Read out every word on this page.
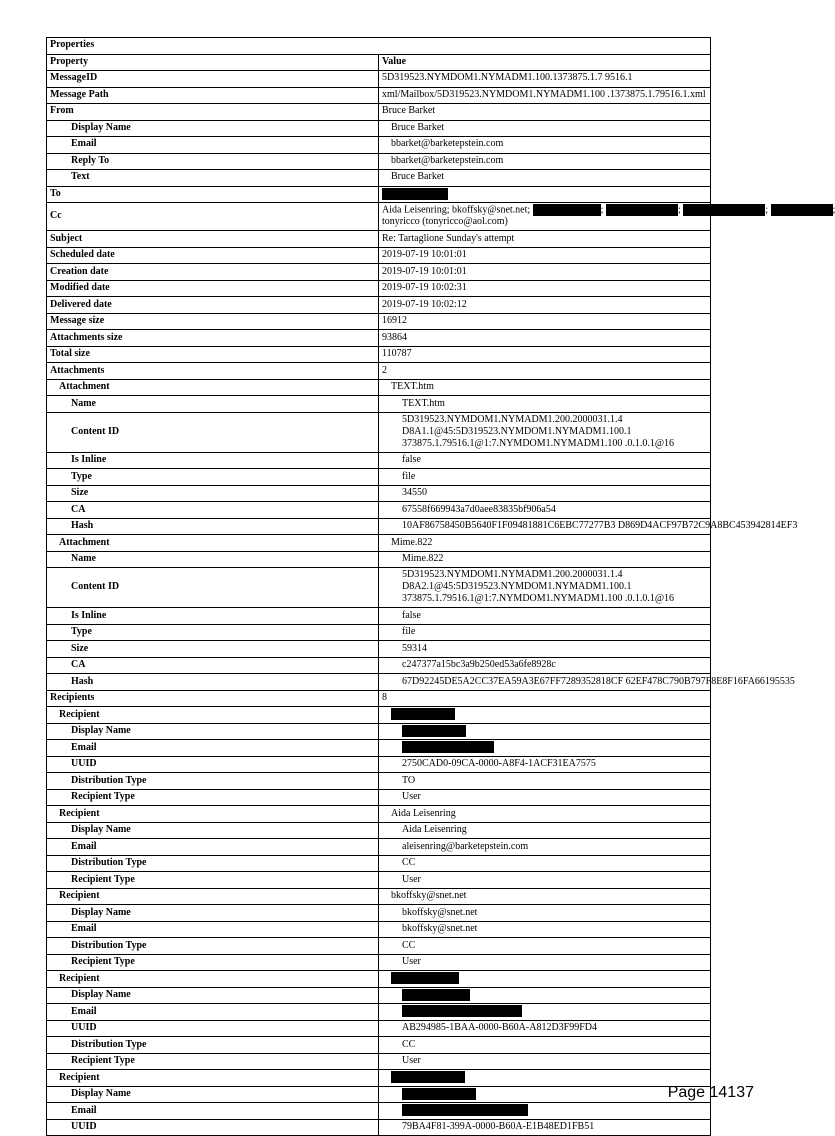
Properties	
Property	Value
MessageID	5D319523.NYMDOM1.NYMADM1.100.1373875.1.7 9516.1
Message Path	xml/Mailbox/5D319523.NYMDOM1.NYMADM1.100 .1373875.1.79516.1.xml
From	Bruce Barket
Display Name	Bruce Barket
Email	bbarket@barketepstein.com
Reply To	bbarket@barketepstein.com
Text	Bruce Barket
To	
Cc	Aida Leisenring; bkoffsky@snet.net; ; ; ;
tonyricco (tonyricco@aol.com)

Subject	Re: Tartaglione Sunday's attempt
Scheduled date	2019-07-19 10:01:01
Creation date	2019-07-19 10:01:01
Modified date	2019-07-19 10:02:31
Delivered date	2019-07-19 10:02:12
Message size	16912
Attachments size	93864
Total size	110787
Attachments	2
Attachment	TEXT.htm
Name	TEXT.htm
Content ID	5D319523.NYMDOM1.NYMADM1.200.2000031.1.4
D8A1.1@45:5D319523.NYMDOM1.NYMADM1.100.1
373875.1.79516.1@1:7.NYMDOM1.NYMADM1.100 .0.1.0.1@16

Is Inline	false
Type	file
Size	34550
CA	67558f669943a7d0aee83835bf906a54
Hash	10AF86758450B5640F1F09481881C6EBC77277B3 D869D4ACF97B72C9A8BC453942814EF3
Attachment	Mime.822
Name	Mime.822
Content ID	5D319523.NYMDOM1.NYMADM1.200.2000031.1.4
D8A2.1@45:5D319523.NYMDOM1.NYMADM1.100.1
373875.1.79516.1@1:7.NYMDOM1.NYMADM1.100 .0.1.0.1@16

Is Inline	false
Type	file
Size	59314
CA	c247377a15bc3a9b250ed53a6fe8928c
Hash	67D92245DE5A2CC37EA59A3E67FF7289352818CF 62EF478C790B797F8E8F16FA66195535
Recipients	8
Recipient	
Display Name	
Email	
UUID	2750CAD0-09CA-0000-A8F4-1ACF31EA7575
Distribution Type	TO
Recipient Type	User
Recipient	Aida Leisenring
Display Name	Aida Leisenring
Email	aleisenring@barketepstein.com
Distribution Type	CC
Recipient Type	User
Recipient	bkoffsky@snet.net
Display Name	bkoffsky@snet.net
Email	bkoffsky@snet.net
Distribution Type	CC
Recipient Type	User
Recipient	
Display Name	
Email	
UUID	AB294985-1BAA-0000-B60A-A812D3F99FD4
Distribution Type	CC
Recipient Type	User
Recipient	
Display Name	
Email	
UUID	79BA4F81-399A-0000-B60A-E1B48ED1FB51
Page 14137
